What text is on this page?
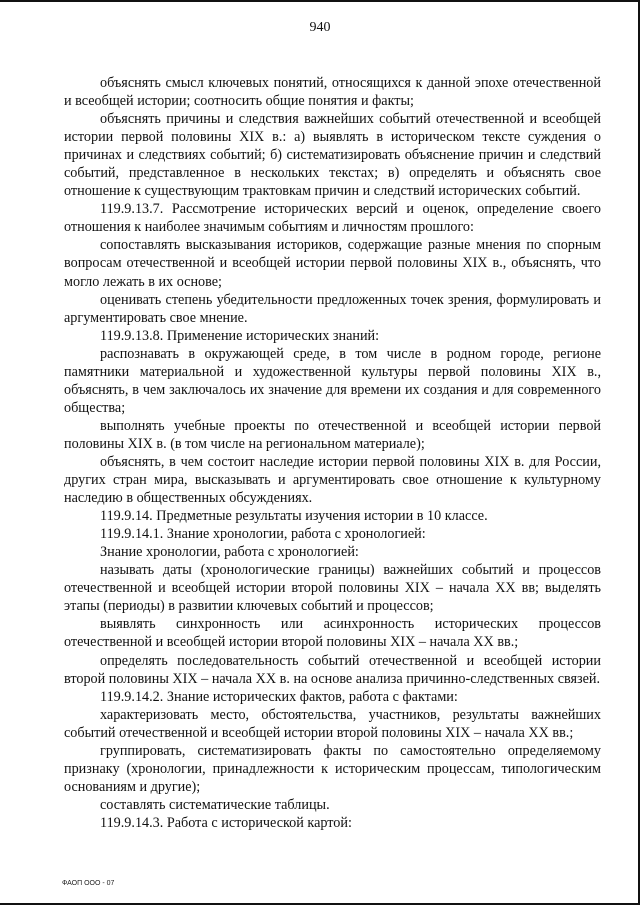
940

объяснять смысл ключевых понятий, относящихся к данной эпохе отечественной и всеобщей истории; соотносить общие понятия и факты;

объяснять причины и следствия важнейших событий отечественной и всеобщей истории первой половины XIX в.: а) выявлять в историческом тексте суждения о причинах и следствиях событий; б) систематизировать объяснение причин и следствий событий, представленное в нескольких текстах; в) определять и объяснять свое отношение к существующим трактовкам причин и следствий исторических событий.

119.9.13.7. Рассмотрение исторических версий и оценок, определение своего отношения к наиболее значимым событиям и личностям прошлого:

сопоставлять высказывания историков, содержащие разные мнения по спорным вопросам отечественной и всеобщей истории первой половины XIX в., объяснять, что могло лежать в их основе;

оценивать степень убедительности предложенных точек зрения, формулировать и аргументировать свое мнение.

119.9.13.8. Применение исторических знаний:

распознавать в окружающей среде, в том числе в родном городе, регионе памятники материальной и художественной культуры первой половины XIX в., объяснять, в чем заключалось их значение для времени их создания и для современного общества;

выполнять учебные проекты по отечественной и всеобщей истории первой половины XIX в. (в том числе на региональном материале);

объяснять, в чем состоит наследие истории первой половины XIX в. для России, других стран мира, высказывать и аргументировать свое отношение к культурному наследию в общественных обсуждениях.

119.9.14. Предметные результаты изучения истории в 10 классе.

119.9.14.1. Знание хронологии, работа с хронологией:

Знание хронологии, работа с хронологией:

называть даты (хронологические границы) важнейших событий и процессов отечественной и всеобщей истории второй половины XIX – начала XX вв; выделять этапы (периоды) в развитии ключевых событий и процессов;

выявлять синхронность или асинхронность исторических процессов отечественной и всеобщей истории второй половины XIX – начала XX вв.;

определять последовательность событий отечественной и всеобщей истории второй половины XIX – начала XX в. на основе анализа причинно-следственных связей.

119.9.14.2. Знание исторических фактов, работа с фактами:

характеризовать место, обстоятельства, участников, результаты важнейших событий отечественной и всеобщей истории второй половины XIX – начала XX вв.;

группировать, систематизировать факты по самостоятельно определяемому признаку (хронологии, принадлежности к историческим процессам, типологическим основаниям и другие);

составлять систематические таблицы.

119.9.14.3. Работа с исторической картой:

ФАОП ООО - 07
